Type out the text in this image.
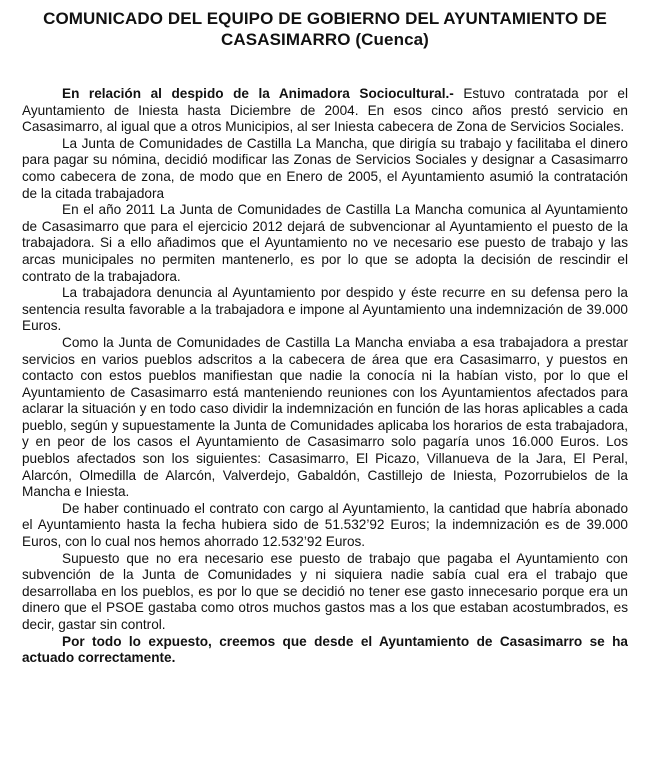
COMUNICADO DEL EQUIPO DE GOBIERNO DEL AYUNTAMIENTO DE
CASASIMARRO (Cuenca)

En relación al despido de la Animadora Sociocultural.- Estuvo contratada por el Ayuntamiento de Iniesta hasta Diciembre de 2004. En esos cinco años prestó servicio en Casasimarro, al igual que a otros Municipios, al ser Iniesta cabecera de Zona de Servicios Sociales.

La Junta de Comunidades de Castilla La Mancha, que dirigía su trabajo y facilitaba el dinero para pagar su nómina, decidió modificar las Zonas de Servicios Sociales y designar a Casasimarro como cabecera de zona, de modo que en Enero de 2005, el Ayuntamiento asumió la contratación de la citada trabajadora

En el año 2011 La Junta de Comunidades de Castilla La Mancha comunica al Ayuntamiento de Casasimarro que para el ejercicio 2012 dejará de subvencionar al Ayuntamiento el puesto de la trabajadora. Si a ello añadimos que el Ayuntamiento no ve necesario ese puesto de trabajo y las arcas municipales no permiten mantenerlo, es por lo que se adopta la decisión de rescindir el contrato de la trabajadora.

La trabajadora denuncia al Ayuntamiento por despido y éste recurre en su defensa pero la sentencia resulta favorable a la trabajadora e impone al Ayuntamiento una indemnización de 39.000 Euros.

Como la Junta de Comunidades de Castilla La Mancha enviaba a esa trabajadora a prestar servicios en varios pueblos adscritos a la cabecera de área que era Casasimarro, y puestos en contacto con estos pueblos manifiestan que nadie la conocía ni la habían visto, por lo que el Ayuntamiento de Casasimarro está manteniendo reuniones con los Ayuntamientos afectados para aclarar la situación y en todo caso dividir la indemnización en función de las horas aplicables a cada pueblo, según y supuestamente la Junta de Comunidades aplicaba los horarios de esta trabajadora, y en peor de los casos el Ayuntamiento de Casasimarro solo pagaría unos 16.000 Euros. Los pueblos afectados son los siguientes: Casasimarro, El Picazo, Villanueva de la Jara, El Peral, Alarcón, Olmedilla de Alarcón, Valverdejo, Gabaldón, Castillejo de Iniesta, Pozorrubielos de la Mancha e Iniesta.

De haber continuado el contrato con cargo al Ayuntamiento, la cantidad que habría abonado el Ayuntamiento hasta la fecha hubiera sido de 51.532’92 Euros; la indemnización es de 39.000 Euros, con lo cual nos hemos ahorrado 12.532’92 Euros.

Supuesto que no era necesario ese puesto de trabajo que pagaba el Ayuntamiento con subvención de la Junta de Comunidades y ni siquiera nadie sabía cual era el trabajo que desarrollaba en los pueblos, es por lo que se decidió no tener ese gasto innecesario porque era un dinero que el PSOE gastaba como otros muchos gastos mas a los que estaban acostumbrados, es decir, gastar sin control.

Por todo lo expuesto, creemos que desde el Ayuntamiento de Casasimarro se ha actuado correctamente.
